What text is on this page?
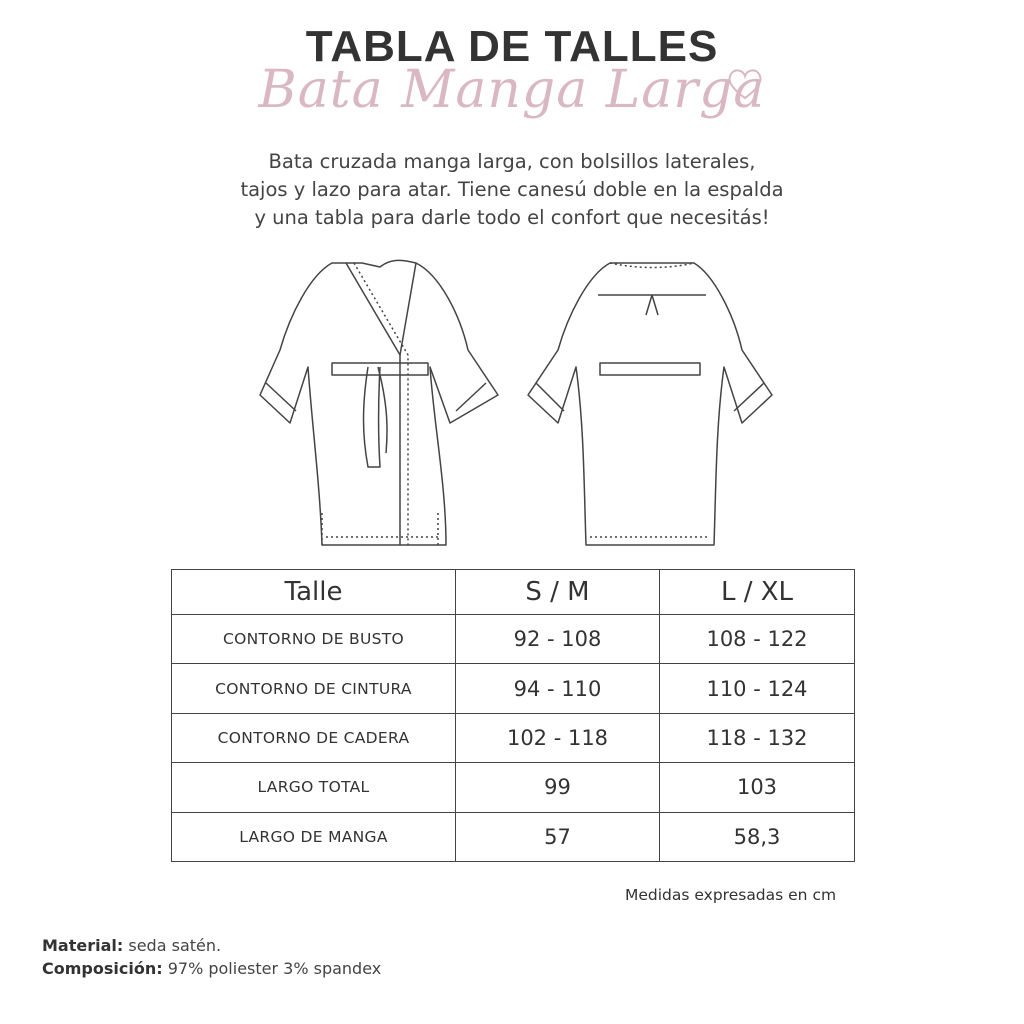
TABLA DE TALLES
Bata Manga Larga
Bata cruzada manga larga, con bolsillos laterales,
tajos y lazo para atar. Tiene canesú doble en la espalda
y una tabla para darle todo el confort que necesitás!
Talle	S / M	L / XL
CONTORNO DE BUSTO	92 - 108	108 - 122
CONTORNO DE CINTURA	94 - 110	110 - 124
CONTORNO DE CADERA	102 - 118	118 - 132
LARGO TOTAL	99	103
LARGO DE MANGA	57	58,3
Medidas expresadas en cm
Material: seda satén.
Composición: 97% poliester 3% spandex
